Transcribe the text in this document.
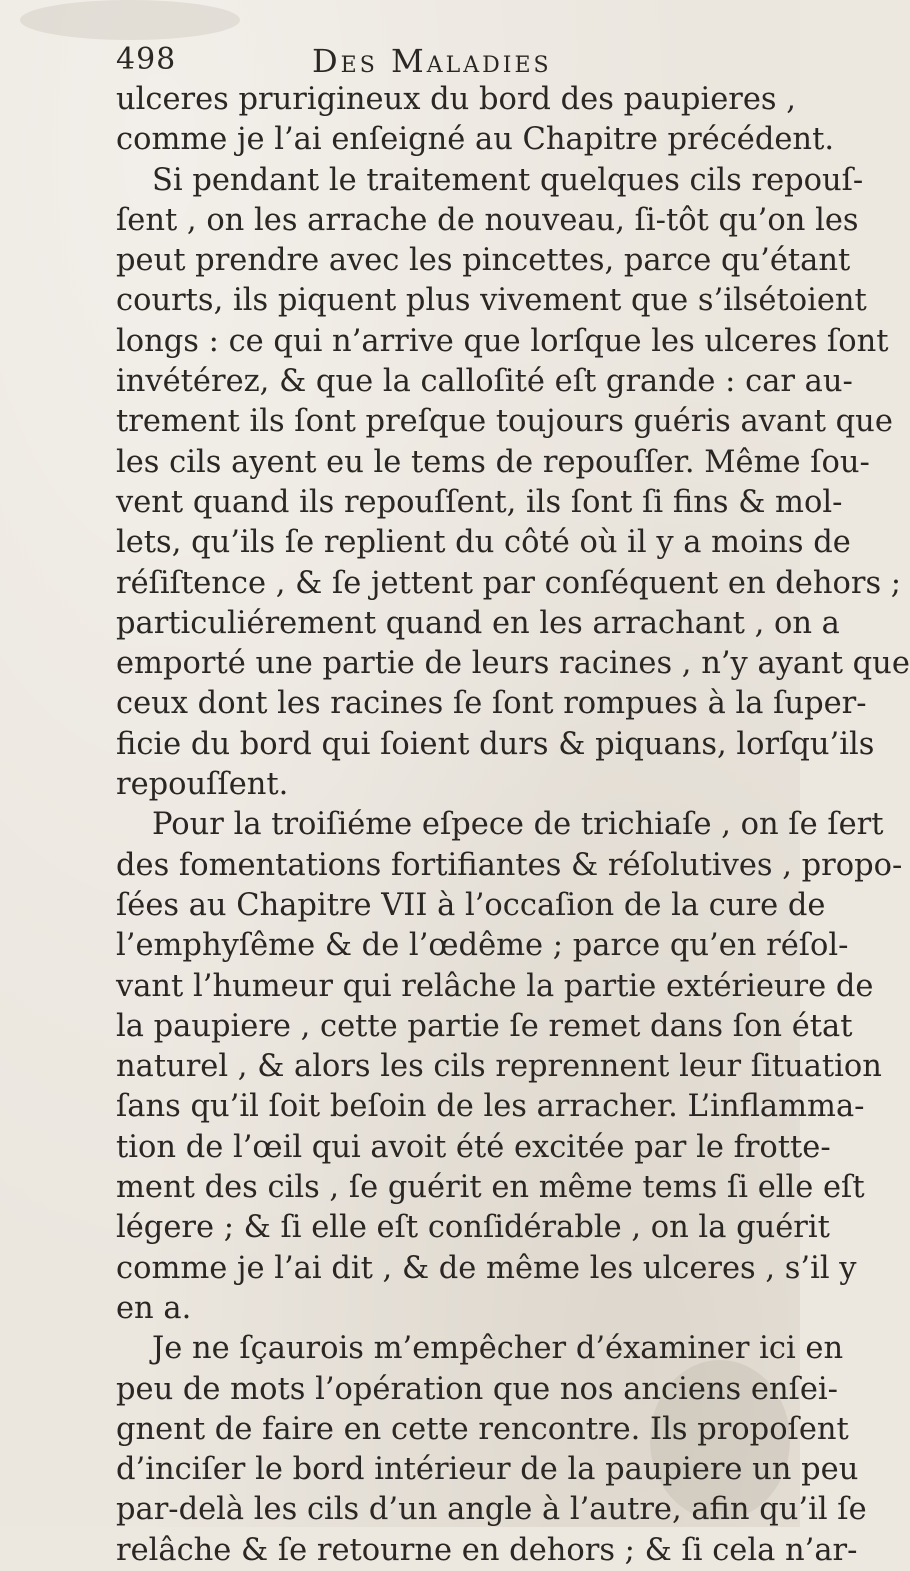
498	Des Maladies
ulceres prurigineux du bord des paupieres ,
comme je l’ai enſeigné au Chapitre précédent.
Si pendant le traitement quelques cils repouſ-
ſent , on les arrache de nouveau, ſi-tôt qu’on les
peut prendre avec les pincettes, parce qu’étant
courts, ils piquent plus vivement que s’ilsétoient
longs : ce qui n’arrive que lorſque les ulceres ſont
invétérez, & que la calloſité eſt grande : car au-
trement ils ſont preſque toujours guéris avant que
les cils ayent eu le tems de repouſſer. Même ſou-
vent quand ils repouſſent, ils ſont ſi fins & mol-
lets, qu’ils ſe replient du côté où il y a moins de
réſiſtence , & ſe jettent par conſéquent en dehors ;
particuliérement quand en les arrachant , on a
emporté une partie de leurs racines , n’y ayant que
ceux dont les racines ſe ſont rompues à la ſuper-
ficie du bord qui ſoient durs & piquans, lorſqu’ils
repouſſent.
Pour la troiſiéme eſpece de trichiaſe , on ſe ſert
des fomentations fortifiantes & réſolutives , propo-
ſées au Chapitre VII à l’occaſion de la cure de
l’emphyſême & de l’œdême ; parce qu’en réſol-
vant l’humeur qui relâche la partie extérieure de
la paupiere , cette partie ſe remet dans ſon état
naturel , & alors les cils reprennent leur ſituation
ſans qu’il ſoit beſoin de les arracher. L’inflamma-
tion de l’œil qui avoit été excitée par le frotte-
ment des cils , ſe guérit en même tems ſi elle eſt
légere ; & ſi elle eſt conſidérable , on la guérit
comme je l’ai dit , & de même les ulceres , s’il y
en a.
Je ne ſçaurois m’empêcher d’éxaminer ici en
peu de mots l’opération que nos anciens enſei-
gnent de faire en cette rencontre. Ils propoſent
d’inciſer le bord intérieur de la paupiere un peu
par-delà les cils d’un angle à l’autre, afin qu’il ſe
relâche & ſe retourne en dehors ; & ſi cela n’ar-
